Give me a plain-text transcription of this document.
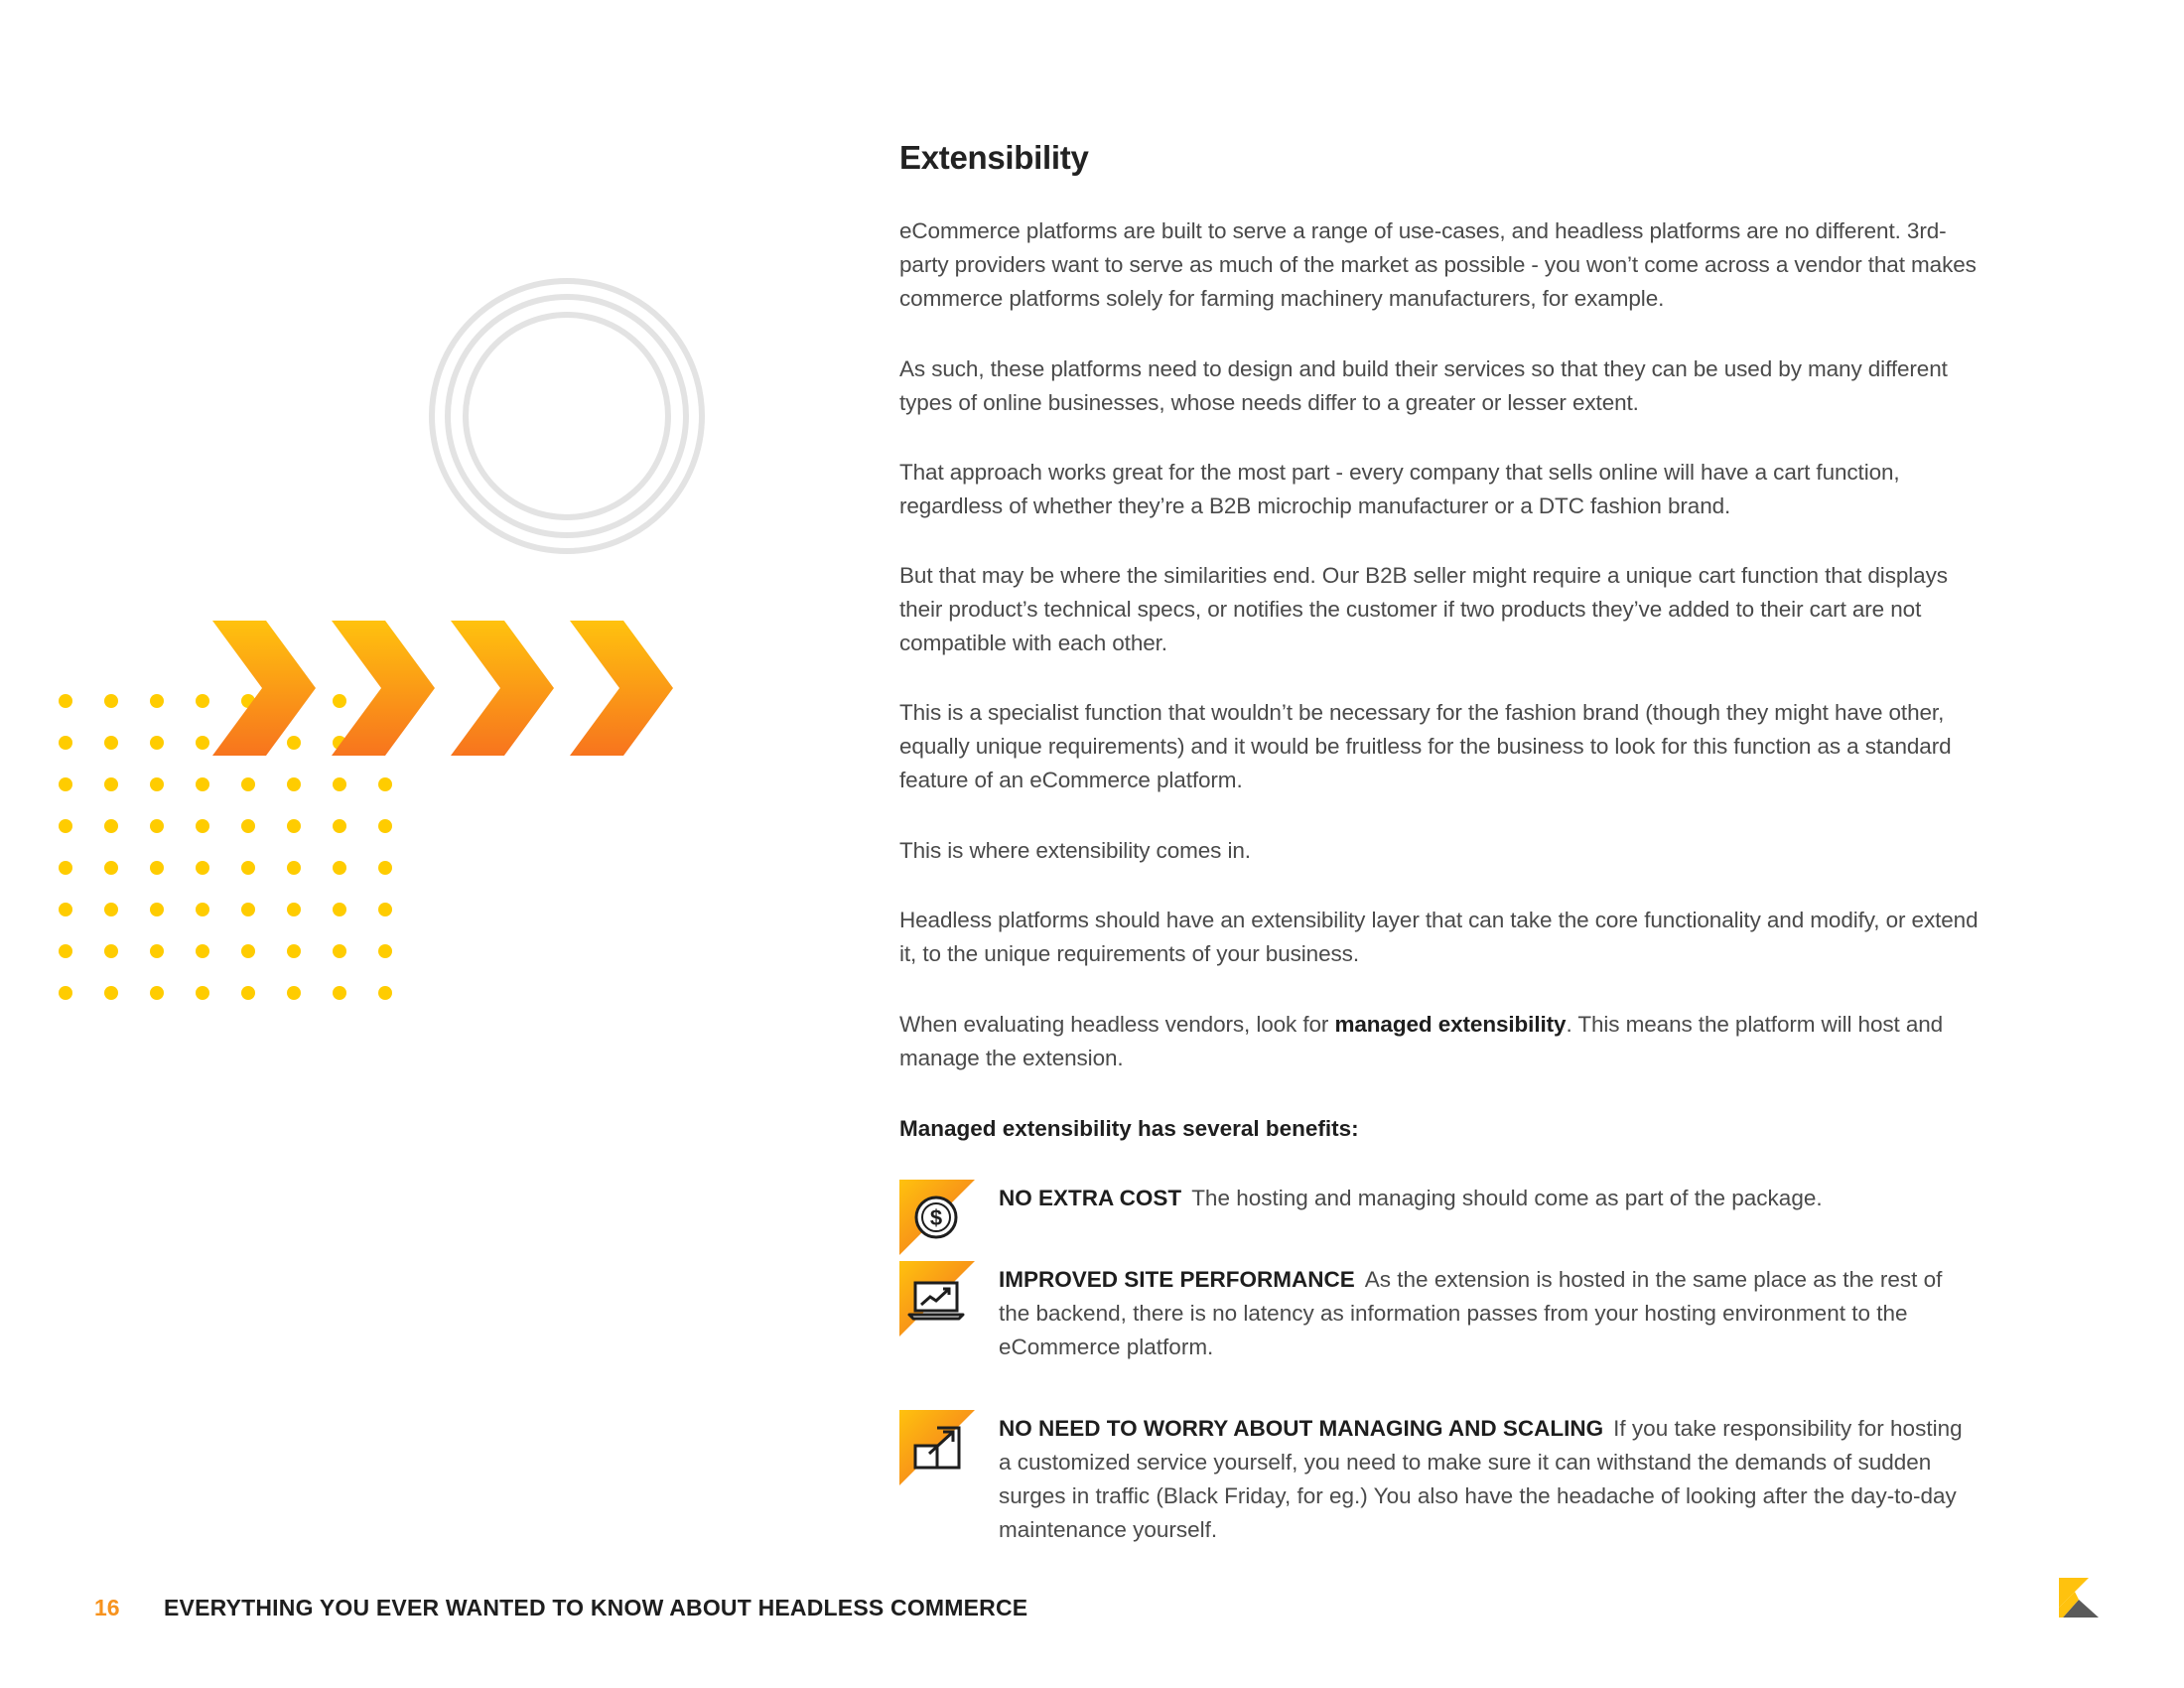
Extensibility

eCommerce platforms are built to serve a range of use-cases, and headless platforms are no different. 3rd-party providers want to serve as much of the market as possible - you won’t come across a vendor that makes commerce platforms solely for farming machinery manufacturers, for example.

As such, these platforms need to design and build their services so that they can be used by many different types of online businesses, whose needs differ to a greater or lesser extent.

That approach works great for the most part - every company that sells online will have a cart function, regardless of whether they’re a B2B microchip manufacturer or a DTC fashion brand.

But that may be where the similarities end. Our B2B seller might require a unique cart function that displays their product’s technical specs, or notifies the customer if two products they’ve added to their cart are not compatible with each other.

This is a specialist function that wouldn’t be necessary for the fashion brand (though they might have other, equally unique requirements) and it would be fruitless for the business to look for this function as a standard feature of an eCommerce platform.

This is where extensibility comes in.

Headless platforms should have an extensibility layer that can take the core functionality and modify, or extend it, to the unique requirements of your business.

When evaluating headless vendors, look for managed extensibility. This means the platform will host and manage the extension.

Managed extensibility has several benefits:
$
NO EXTRA COST The hosting and managing should come as part of the package.
IMPROVED SITE PERFORMANCE As the extension is hosted in the same place as the rest of the backend, there is no latency as information passes from your hosting environment to the eCommerce platform.
NO NEED TO WORRY ABOUT MANAGING AND SCALING If you take responsibility for hosting a customized service yourself, you need to make sure it can withstand the demands of sudden surges in traffic (Black Friday, for eg.) You also have the headache of looking after the day-to-day maintenance yourself.
16 EVERYTHING YOU EVER WANTED TO KNOW ABOUT HEADLESS COMMERCE
